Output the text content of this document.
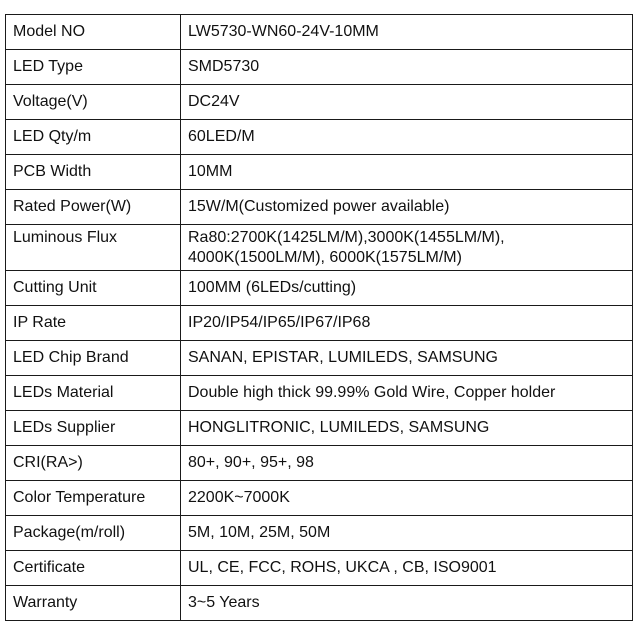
Model NO	LW5730-WN60-24V-10MM
LED Type	SMD5730
Voltage(V)	DC24V
LED Qty/m	60LED/M
PCB Width	10MM
Rated Power(W)	15W/M(Customized power available)
Luminous Flux	Ra80:2700K(1425LM/M),3000K(1455LM/M),
4000K(1500LM/M), 6000K(1575LM/M)

Cutting Unit	100MM (6LEDs/cutting)
IP Rate	IP20/IP54/IP65/IP67/IP68
LED Chip Brand	SANAN, EPISTAR, LUMILEDS, SAMSUNG
LEDs Material	Double high thick 99.99% Gold Wire, Copper holder
LEDs Supplier	HONGLITRONIC, LUMILEDS, SAMSUNG
CRI(RA>)	80+, 90+, 95+, 98
Color Temperature	2200K~7000K
Package(m/roll)	5M, 10M, 25M, 50M
Certificate	UL, CE, FCC, ROHS, UKCA , CB, ISO9001
Warranty	3~5 Years
